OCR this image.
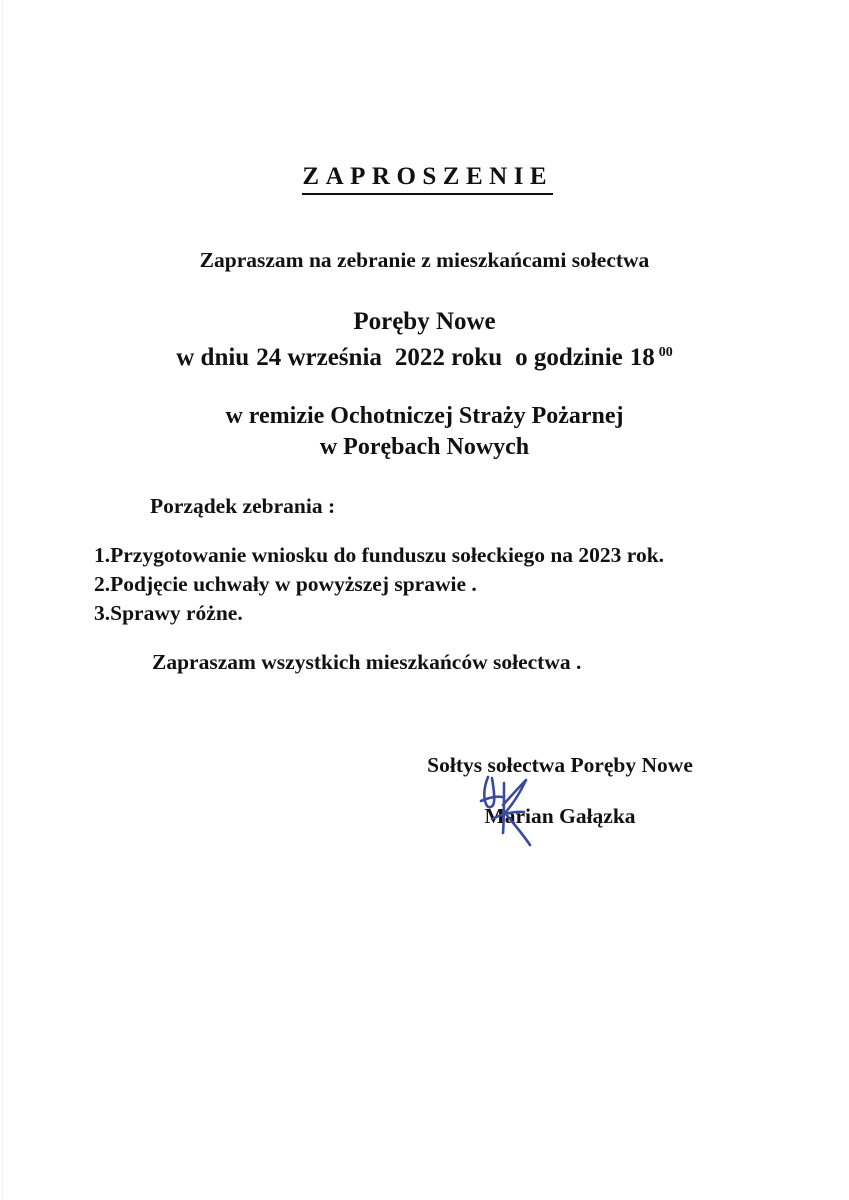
ZAPROSZENIE
Zapraszam na zebranie z mieszkańcami sołectwa
Poręby Nowe
w dniu 24 września 2022 roku o godzinie 18 $^{00}$
w remizie Ochotniczej Straży Pożarnej
w Porębach Nowych
Porządek zebrania :
1.Przygotowanie wniosku do funduszu sołeckiego na 2023 rok.
2.Podjęcie uchwały w powyższej sprawie .
3.Sprawy różne.
Zapraszam wszystkich mieszkańców sołectwa .
Sołtys sołectwa Poręby Nowe
Marian Gałązka
